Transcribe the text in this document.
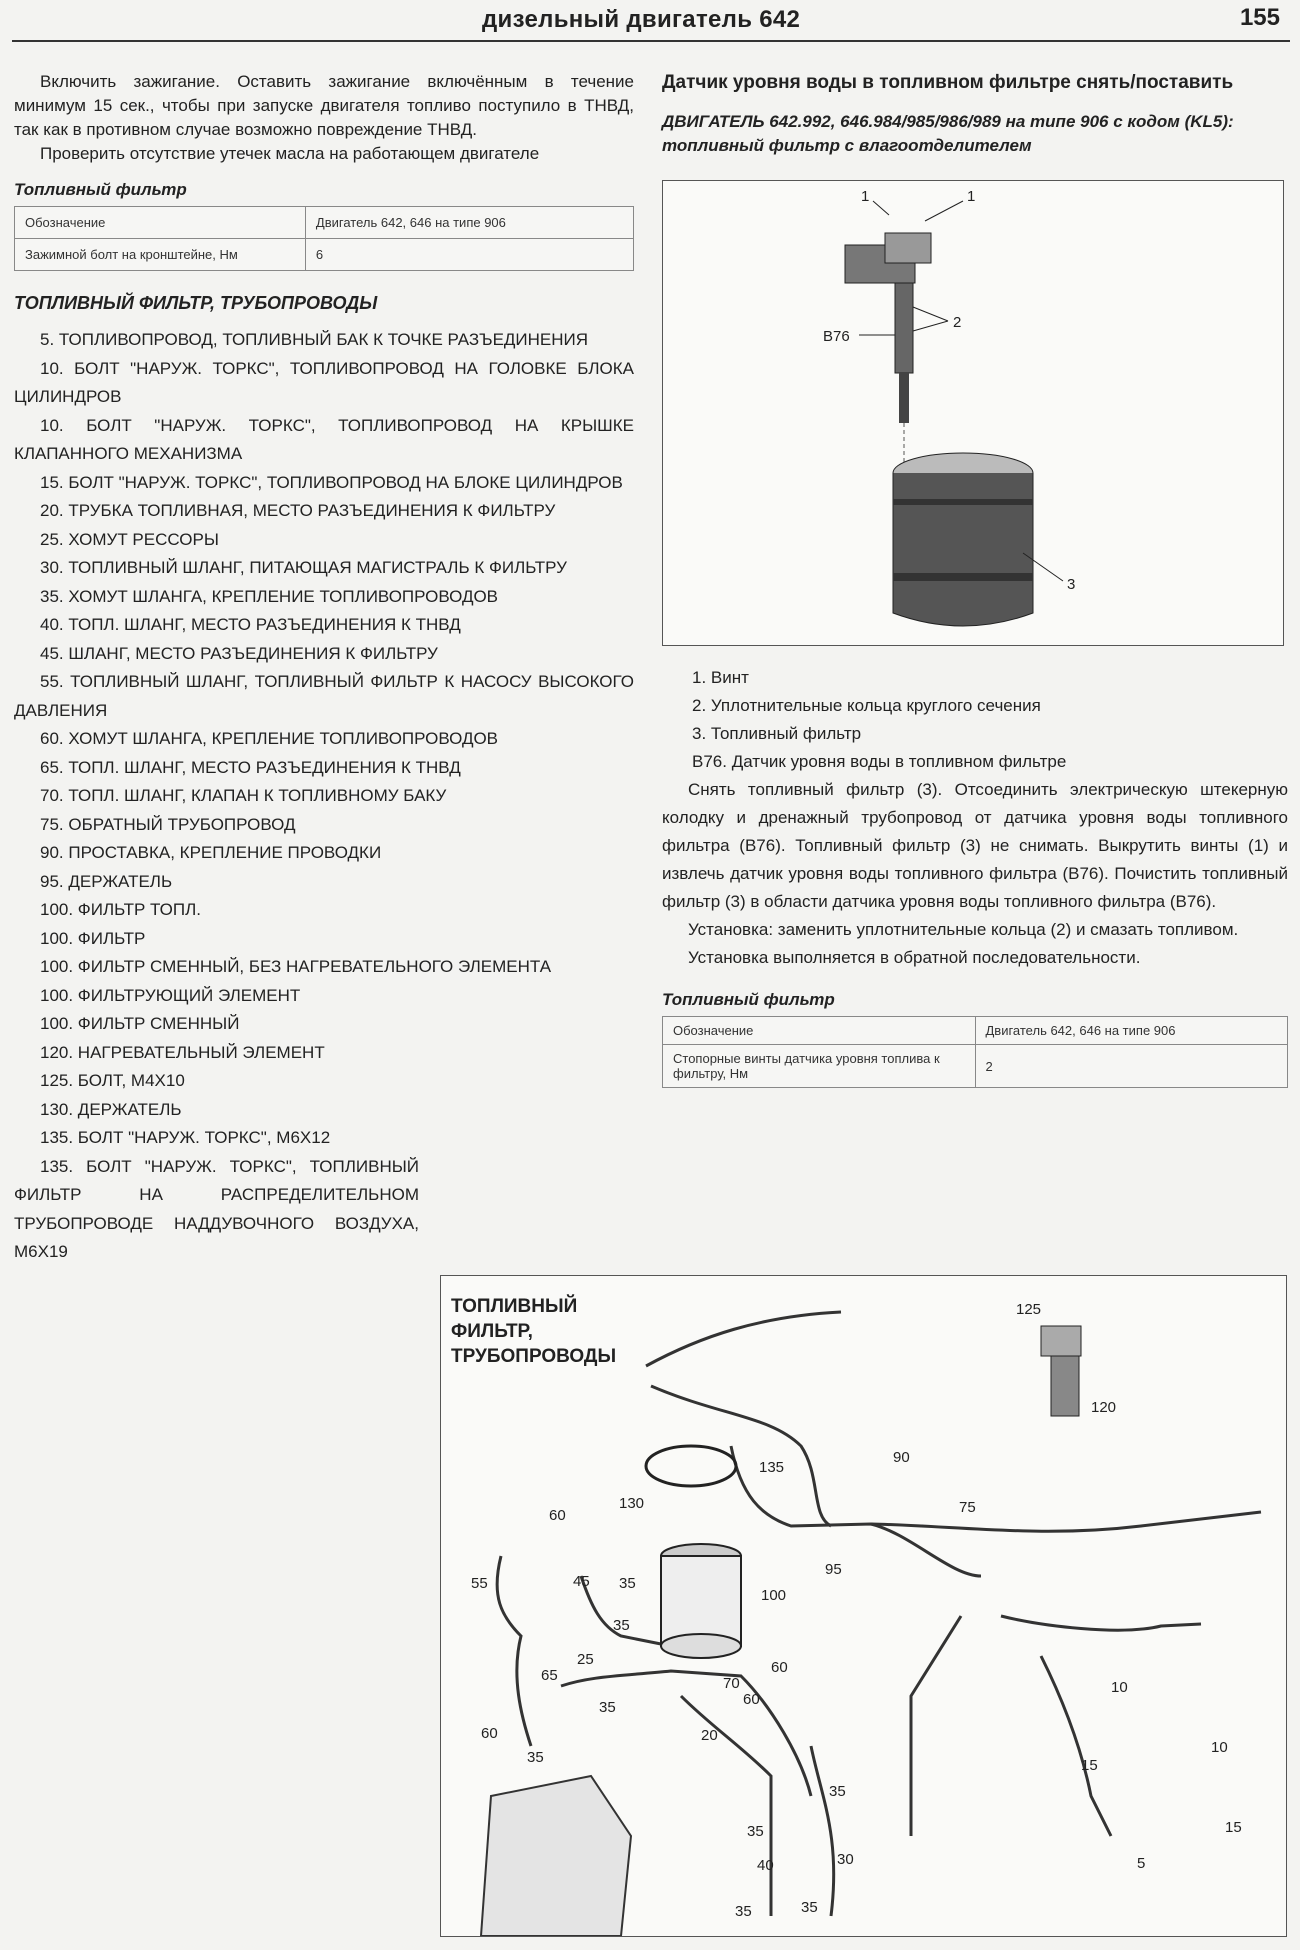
дизельный двигатель 642	155

Включить зажигание. Оставить зажигание включённым в течение минимум 15 сек., чтобы при запуске двигателя топливо поступило в ТНВД, так как в противном случае возможно повреждение ТНВД.

Проверить отсутствие утечек масла на работающем двигателе

Топливный фильтр
Обозначение	Двигатель 642, 646 на типе 906
Зажимной болт на кронштейне, Нм	6
ТОПЛИВНЫЙ ФИЛЬТР, ТРУБОПРОВОДЫ
5. ТОПЛИВОПРОВОД, ТОПЛИВНЫЙ БАК К ТОЧКЕ РАЗЪЕДИНЕНИЯ
10. БОЛТ "НАРУЖ. ТОРКС", ТОПЛИВОПРОВОД НА ГОЛОВКЕ БЛОКА ЦИЛИНДРОВ
10. БОЛТ "НАРУЖ. ТОРКС", ТОПЛИВОПРОВОД НА КРЫШКЕ КЛАПАННОГО МЕХАНИЗМА
15. БОЛТ "НАРУЖ. ТОРКС", ТОПЛИВОПРОВОД НА БЛОКЕ ЦИЛИНДРОВ
20. ТРУБКА ТОПЛИВНАЯ, МЕСТО РАЗЪЕДИНЕНИЯ К ФИЛЬТРУ
25. ХОМУТ РЕССОРЫ
30. ТОПЛИВНЫЙ ШЛАНГ, ПИТАЮЩАЯ МАГИСТРАЛЬ К ФИЛЬТРУ
35. ХОМУТ ШЛАНГА, КРЕПЛЕНИЕ ТОПЛИВОПРОВОДОВ
40. ТОПЛ. ШЛАНГ, МЕСТО РАЗЪЕДИНЕНИЯ К ТНВД
45. ШЛАНГ, МЕСТО РАЗЪЕДИНЕНИЯ К ФИЛЬТРУ
55. ТОПЛИВНЫЙ ШЛАНГ, ТОПЛИВНЫЙ ФИЛЬТР К НАСОСУ ВЫСОКОГО ДАВЛЕНИЯ
60. ХОМУТ ШЛАНГА, КРЕПЛЕНИЕ ТОПЛИВОПРОВОДОВ
65. ТОПЛ. ШЛАНГ, МЕСТО РАЗЪЕДИНЕНИЯ К ТНВД
70. ТОПЛ. ШЛАНГ, КЛАПАН К ТОПЛИВНОМУ БАКУ
75. ОБРАТНЫЙ ТРУБОПРОВОД
90. ПРОСТАВКА, КРЕПЛЕНИЕ ПРОВОДКИ
95. ДЕРЖАТЕЛЬ
100. ФИЛЬТР ТОПЛ.
100. ФИЛЬТР
100. ФИЛЬТР СМЕННЫЙ, БЕЗ НАГРЕВАТЕЛЬНОГО ЭЛЕМЕНТА
100. ФИЛЬТРУЮЩИЙ ЭЛЕМЕНТ
100. ФИЛЬТР СМЕННЫЙ
120. НАГРЕВАТЕЛЬНЫЙ ЭЛЕМЕНТ
125. БОЛТ, M4X10
130. ДЕРЖАТЕЛЬ
135. БОЛТ "НАРУЖ. ТОРКС", M6X12
135. БОЛТ "НАРУЖ. ТОРКС", ТОПЛИВНЫЙ ФИЛЬТР НА РАСПРЕДЕЛИТЕЛЬНОМ ТРУБОПРОВОДЕ НАДДУВОЧНОГО ВОЗДУХА, M6X19
Датчик уровня воды в топливном фильтре снять/поставить
ДВИГАТЕЛЬ 642.992, 646.984/985/986/989 на типе 906 с кодом (KL5): топливный фильтр с влагоотделителем
1	1
2
B76
3
1. Винт
2. Уплотнительные кольца круглого сечения
3. Топливный фильтр
B76. Датчик уровня воды в топливном фильтре

Снять топливный фильтр (3). Отсоединить электрическую штекерную колодку и дренажный трубопровод от датчика уровня воды топливного фильтра (B76). Топливный фильтр (3) не снимать. Выкрутить винты (1) и извлечь датчик уровня воды топливного фильтра (B76). Почистить топливный фильтр (3) в области датчика уровня воды топливного фильтра (B76).

Установка: заменить уплотнительные кольца (2) и смазать топливом.

Установка выполняется в обратной последовательности.

Топливный фильтр
Обозначение	Двигатель 642, 646 на типе 906
Стопорные винты датчика уровня топлива к фильтру, Нм	2
ТОПЛИВНЫЙ ФИЛЬТР, ТРУБОПРОВОДЫ
125
120
90
135
130	75
60
95
55	45 35
100
35
25
65	60
70
60
35
60
35
20
10
10
15
35
35
40	30
35	35
15
5
